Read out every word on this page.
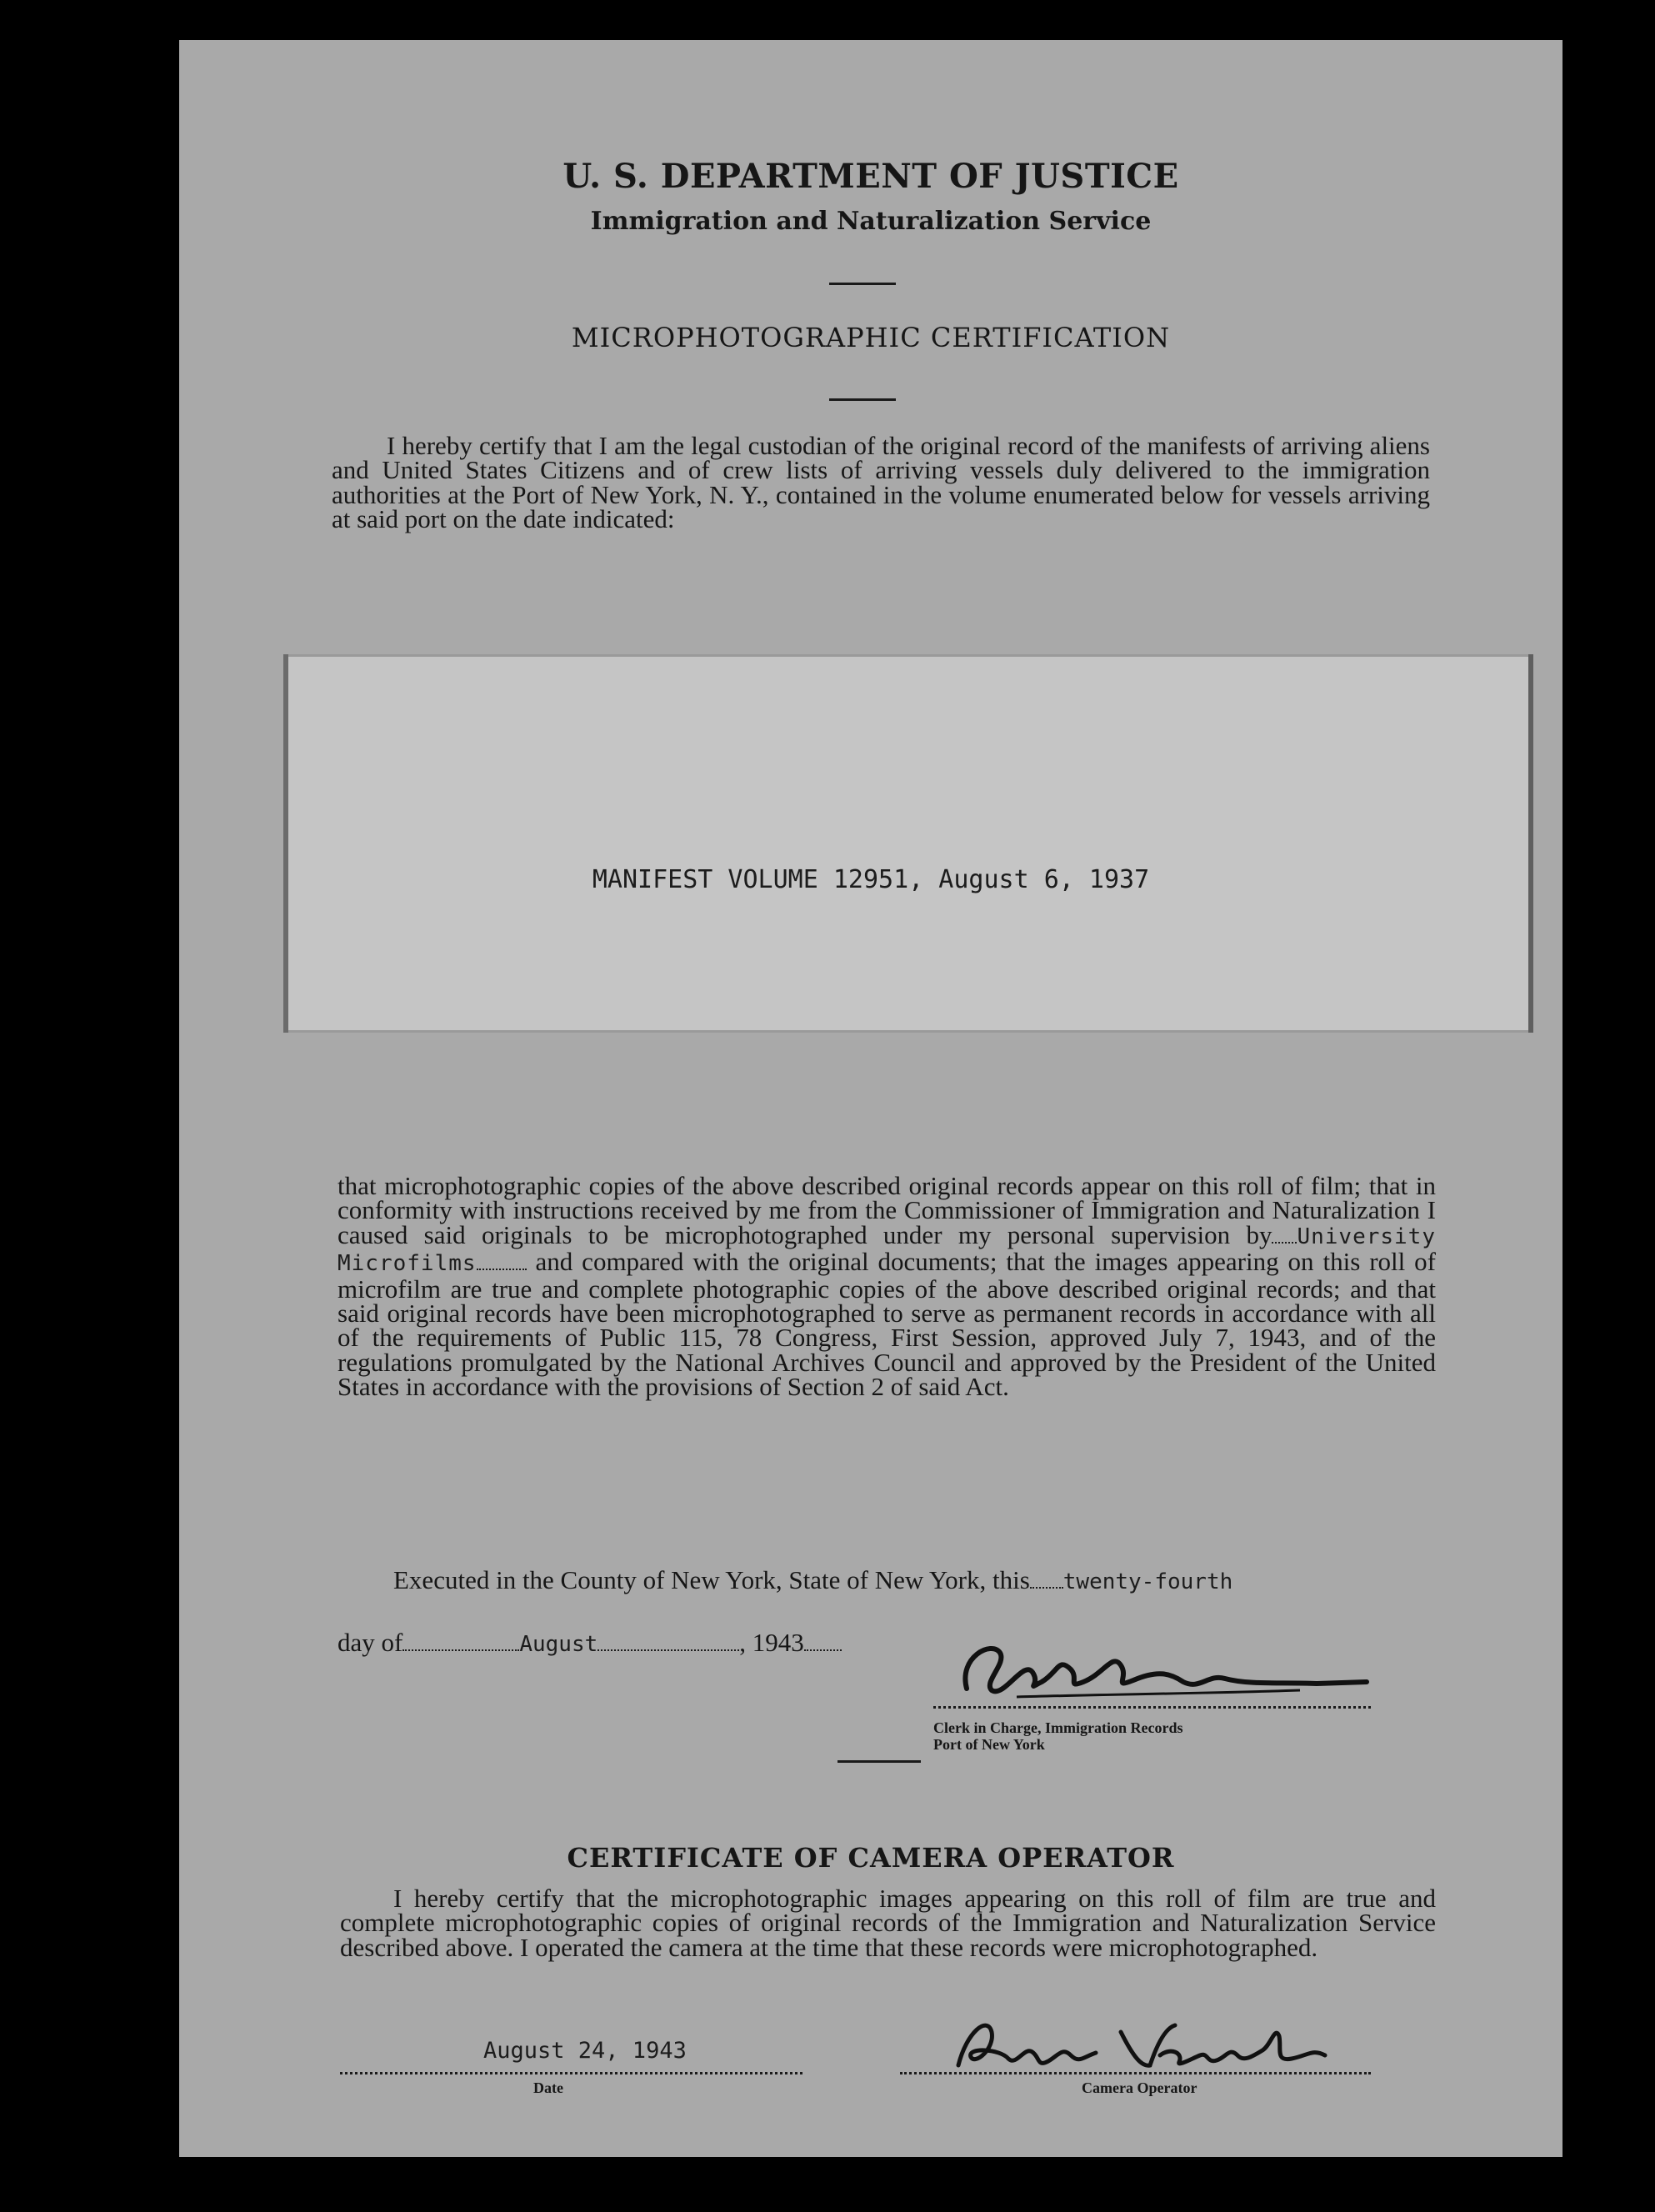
U. S. DEPARTMENT OF JUSTICE
Immigration and Naturalization Service
MICROPHOTOGRAPHIC CERTIFICATION
I hereby certify that I am the legal custodian of the original record of the manifests of arriving aliens and United States Citizens and of crew lists of arriving vessels duly delivered to the immigration authorities at the Port of New York, N. Y., contained in the volume enumerated below for vessels arriving at said port on the date indicated:
MANIFEST VOLUME 12951, August 6, 1937
that microphotographic copies of the above described original records appear on this roll of film; that in conformity with instructions received by me from the Commissioner of Immigration and Naturalization I caused said originals to be microphotographed under my personal supervision by University Microfilms and compared with the original documents; that the images appearing on this roll of microfilm are true and complete photographic copies of the above described original records; and that said original records have been microphotographed to serve as permanent records in accordance with all of the requirements of Public 115, 78 Congress, First Session, approved July 7, 1943, and of the regulations promulgated by the National Archives Council and approved by the President of the United States in accordance with the provisions of Section 2 of said Act.
Executed in the County of New York, State of New York, this twenty-fourth
day of	August	, 1943
Clerk in Charge, Immigration Records
Port of New York
CERTIFICATE OF CAMERA OPERATOR
I hereby certify that the microphotographic images appearing on this roll of film are true and complete microphotographic copies of original records of the Immigration and Naturalization Service described above. I operated the camera at the time that these records were microphotographed.
August 24, 1943
Date	Camera Operator
